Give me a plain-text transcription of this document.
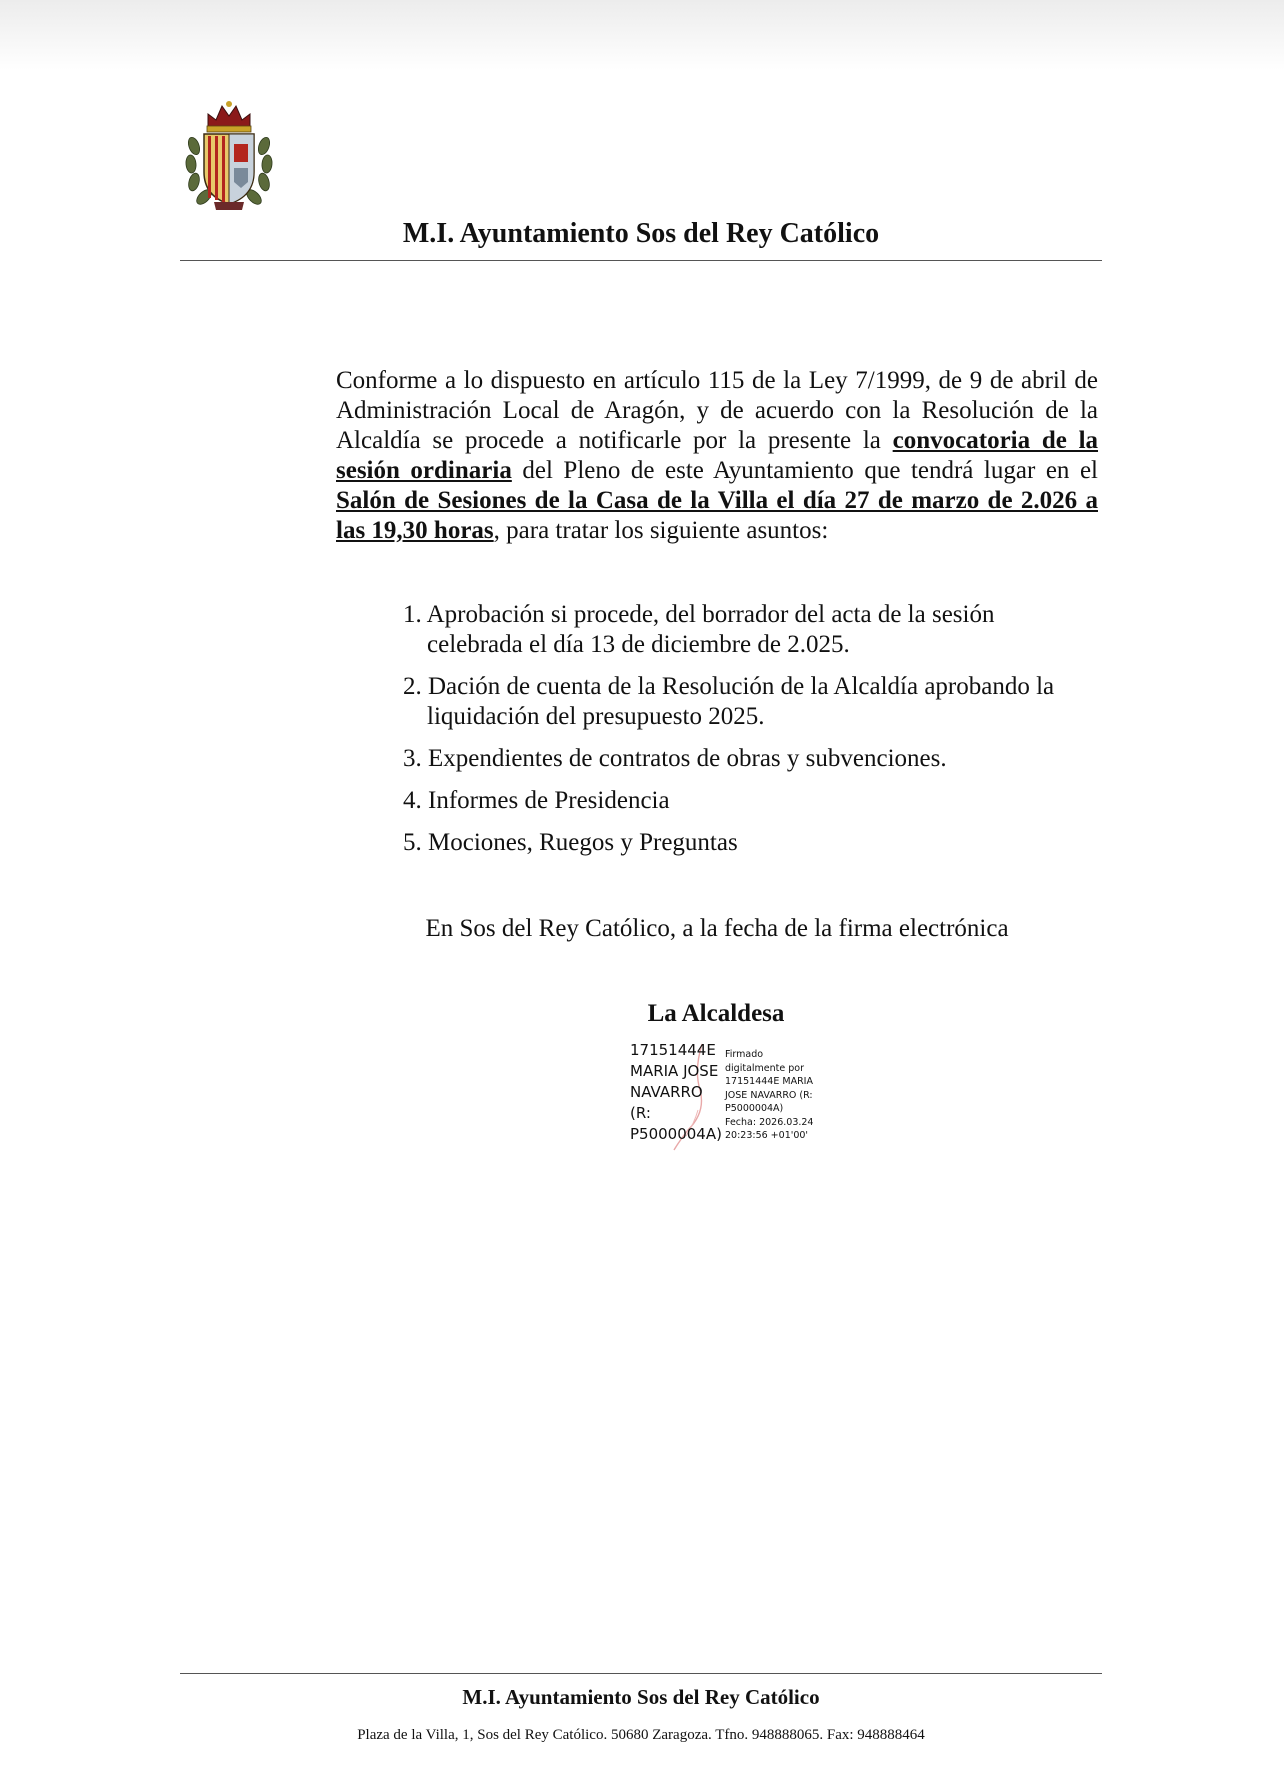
M.I. Ayuntamiento Sos del Rey Católico
Conforme a lo dispuesto en artículo 115 de la Ley 7/1999, de 9 de abril de Administración Local de Aragón, y de acuerdo con la Resolución de la Alcaldía se procede a notificarle por la presente la convocatoria de la sesión ordinaria del Pleno de este Ayuntamiento que tendrá lugar en el Salón de Sesiones de la Casa de la Villa el día 27 de marzo de 2.026 a las 19,30 horas, para tratar los siguiente asuntos:
1. Aprobación si procede, del borrador del acta de la sesión celebrada el día 13 de diciembre de 2.025.
2. Dación de cuenta de la Resolución de la Alcaldía aprobando la liquidación del presupuesto 2025.
3. Expendientes de contratos de obras y subvenciones.
4. Informes de Presidencia
5. Mociones, Ruegos y Preguntas
En Sos del Rey Católico, a la fecha de la firma electrónica
La Alcaldesa
17151444E
MARIA JOSE
NAVARRO
(R:
P5000004A)
Firmado
digitalmente por
17151444E MARIA
JOSE NAVARRO (R:
P5000004A)
Fecha: 2026.03.24
20:23:56 +01'00'
M.I. Ayuntamiento Sos del Rey Católico
Plaza de la Villa, 1, Sos del Rey Católico. 50680 Zaragoza. Tfno. 948888065. Fax: 948888464
